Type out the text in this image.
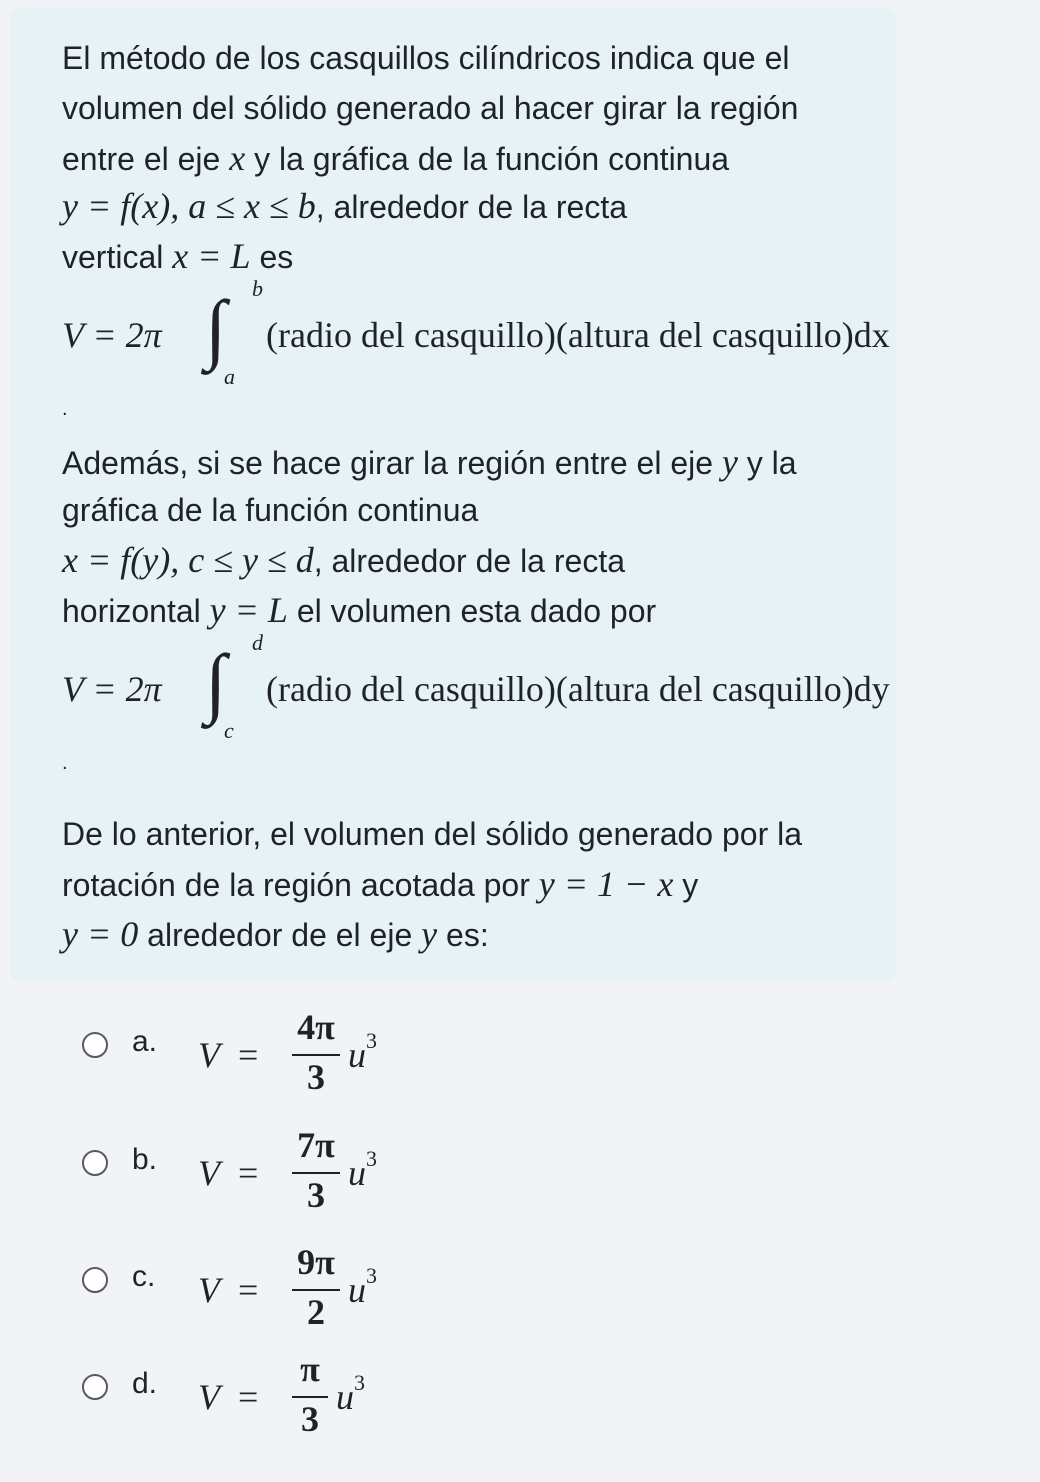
El método de los casquillos cilíndricos indica que el
volumen del sólido generado al hacer girar la región
entre el eje x y la gráfica de la función continua
y = f(x), a ≤ x ≤ b, alrededor de la recta
vertical x = L es
V = 2π ∫ b
a
(radio del casquillo)(altura del casquillo)dx
.
Además, si se hace girar la región entre el eje y y la
gráfica de la función continua
x = f(y), c ≤ y ≤ d, alrededor de la recta
horizontal y = L el volumen esta dado por
V = 2π ∫ d
c
(radio del casquillo)(altura del casquillo)dy
.
De lo anterior, el volumen del sólido generado por la
rotación de la región acotada por y = 1 − x y
y = 0 alrededor de el eje y es:
a. V =
4π
3
$u^3$
b. V =
7π
3
$u^3$
c. V =
9π
2
$u^3$
d. V =
π
3
$u^3$
